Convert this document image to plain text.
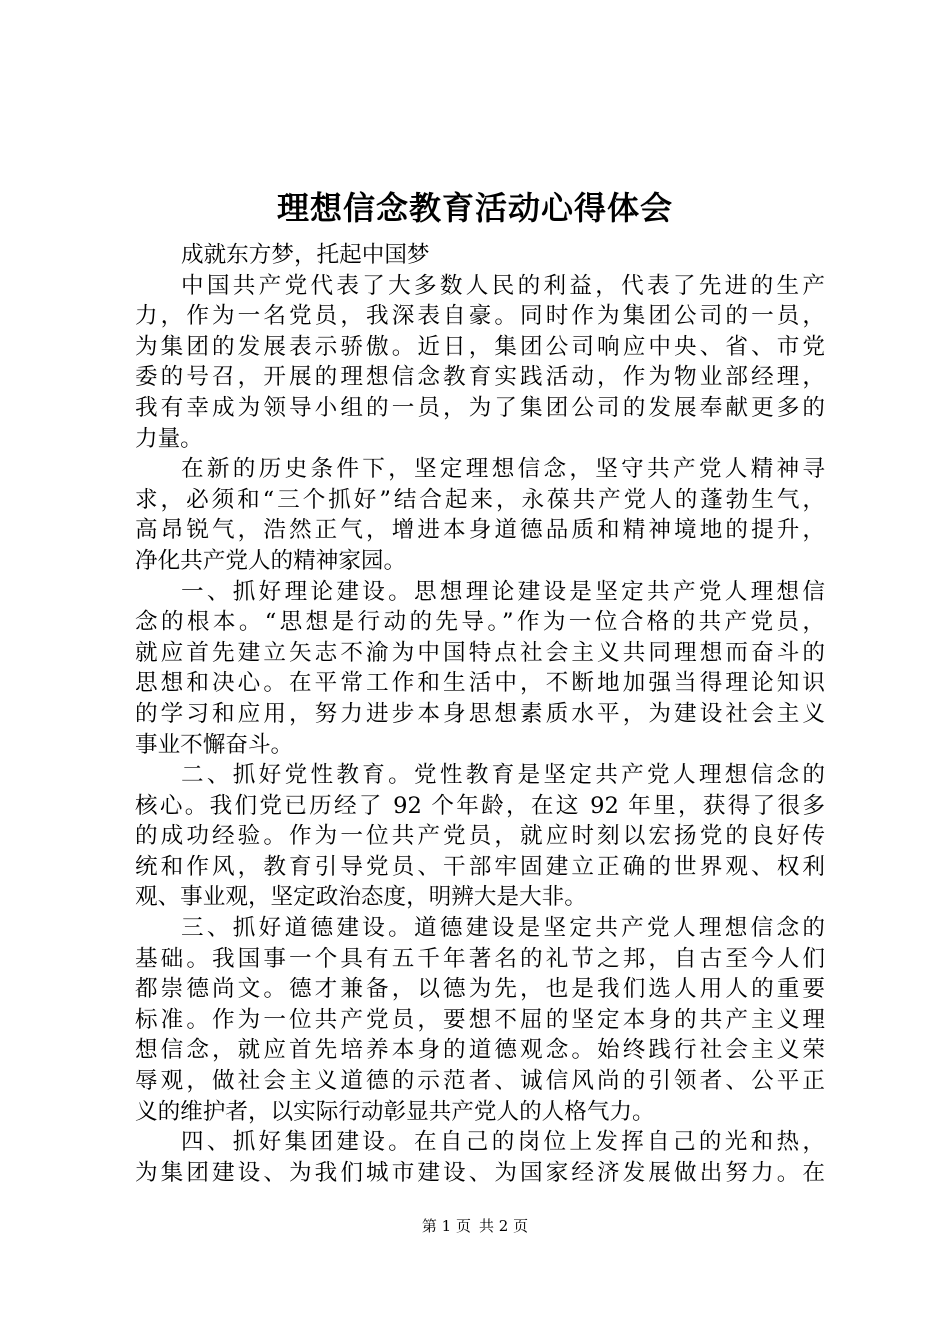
理想信念教育活动心得体会
成就东方梦，托起中国梦
中国共产党代表了大多数人民的利益，代表了先进的生产
力，作为一名党员，我深表自豪。同时作为集团公司的一员，
为集团的发展表示骄傲。近日，集团公司响应中央、省、市党
委的号召，开展的理想信念教育实践活动，作为物业部经理，
我有幸成为领导小组的一员，为了集团公司的发展奉献更多的
力量。
在新的历史条件下，坚定理想信念，坚守共产党人精神寻
求，必须和“三个抓好”结合起来，永葆共产党人的蓬勃生气，
高昂锐气，浩然正气，增进本身道德品质和精神境地的提升，
净化共产党人的精神家园。
一、抓好理论建设。思想理论建设是坚定共产党人理想信
念的根本。“思想是行动的先导。”作为一位合格的共产党员，
就应首先建立矢志不渝为中国特点社会主义共同理想而奋斗的
思想和决心。在平常工作和生活中，不断地加强当得理论知识
的学习和应用，努力进步本身思想素质水平，为建设社会主义
事业不懈奋斗。
二、抓好党性教育。党性教育是坚定共产党人理想信念的
核心。我们党已历经了 92 个年龄，在这 92 年里，获得了很多
的成功经验。作为一位共产党员，就应时刻以宏扬党的良好传
统和作风，教育引导党员、干部牢固建立正确的世界观、权利
观、事业观，坚定政治态度，明辨大是大非。
三、抓好道德建设。道德建设是坚定共产党人理想信念的
基础。我国事一个具有五千年著名的礼节之邦，自古至今人们
都崇德尚文。德才兼备，以德为先，也是我们选人用人的重要
标准。作为一位共产党员，要想不屈的坚定本身的共产主义理
想信念，就应首先培养本身的道德观念。始终践行社会主义荣
辱观，做社会主义道德的示范者、诚信风尚的引领者、公平正
义的维护者，以实际行动彰显共产党人的人格气力。
四、抓好集团建设。在自己的岗位上发挥自己的光和热，
为集团建设、为我们城市建设、为国家经济发展做出努力。在
第 1 页 共 2 页
